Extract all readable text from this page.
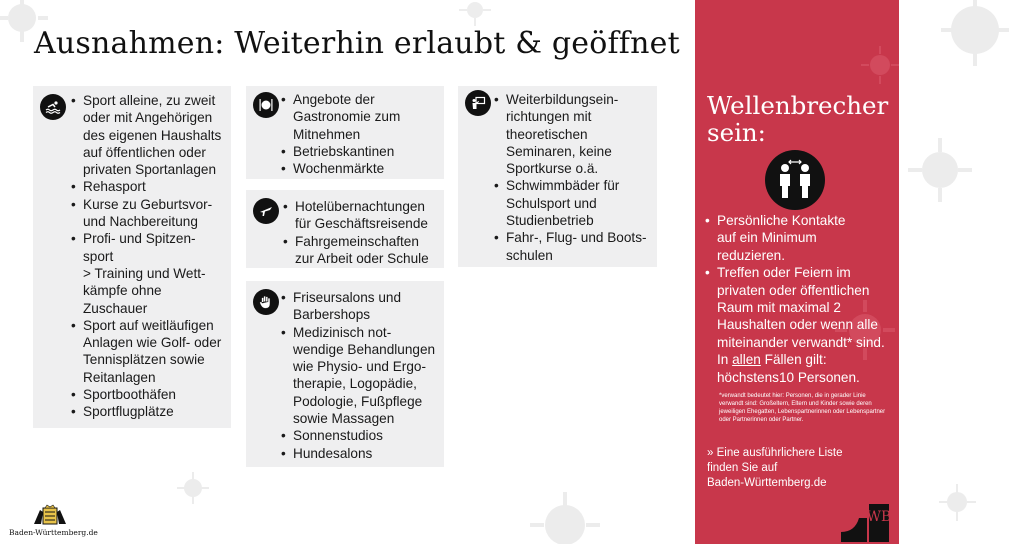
Ausnahmen: Weiterhin erlaubt & geöffnet
• Sport alleine, zu zweit
oder mit Angehörigen
des eigenen Haushalts
auf öffentlichen oder
privaten Sportanlagen
• Rehasport
• Kurse zu Geburtsvor-
und Nachbereitung
• Profi- und Spitzen-
sport
> Training und Wett-
kämpfe ohne
Zuschauer
• Sport auf weitläufigen
Anlagen wie Golf- oder
Tennisplätzen sowie
Reitanlagen
• Sportboothäfen
• Sportflugplätze
• Angebote der
Gastronomie zum
Mitnehmen
• Betriebskantinen
• Wochenmärkte
• Hotelübernachtungen
für Geschäftsreisende
• Fahrgemeinschaften
zur Arbeit oder Schule
• Friseursalons und
Barbershops
• Medizinisch not-
wendige Behandlungen
wie Physio- und Ergo-
therapie, Logopädie,
Podologie, Fußpflege
sowie Massagen
• Sonnenstudios
• Hundesalons
• Weiterbildungsein-
richtungen mit
theoretischen
Seminaren, keine
Sportkurse o.ä.
• Schwimmbäder für
Schulsport und
Studienbetrieb
• Fahr-, Flug- und Boots-
schulen
Wellenbrecher
sein:
• Persönliche Kontakte
auf ein Minimum
reduzieren.
• Treffen oder Feiern im
privaten oder öffentlichen
Raum mit maximal 2
Haushalten oder wenn alle
miteinander verwandt* sind.
In allen Fällen gilt:
höchstens10 Personen.
*verwandt bedeutet hier: Personen, die in gerader Linie verwandt sind: Großeltern, Eltern und Kinder sowie deren jeweiligen Ehegatten, Lebenspartnerinnen oder Lebenspartner oder Partnerinnen oder Partner.
» Eine ausführlichere Liste
finden Sie auf
Baden-Württemberg.de
WB
Baden-Württemberg.de
